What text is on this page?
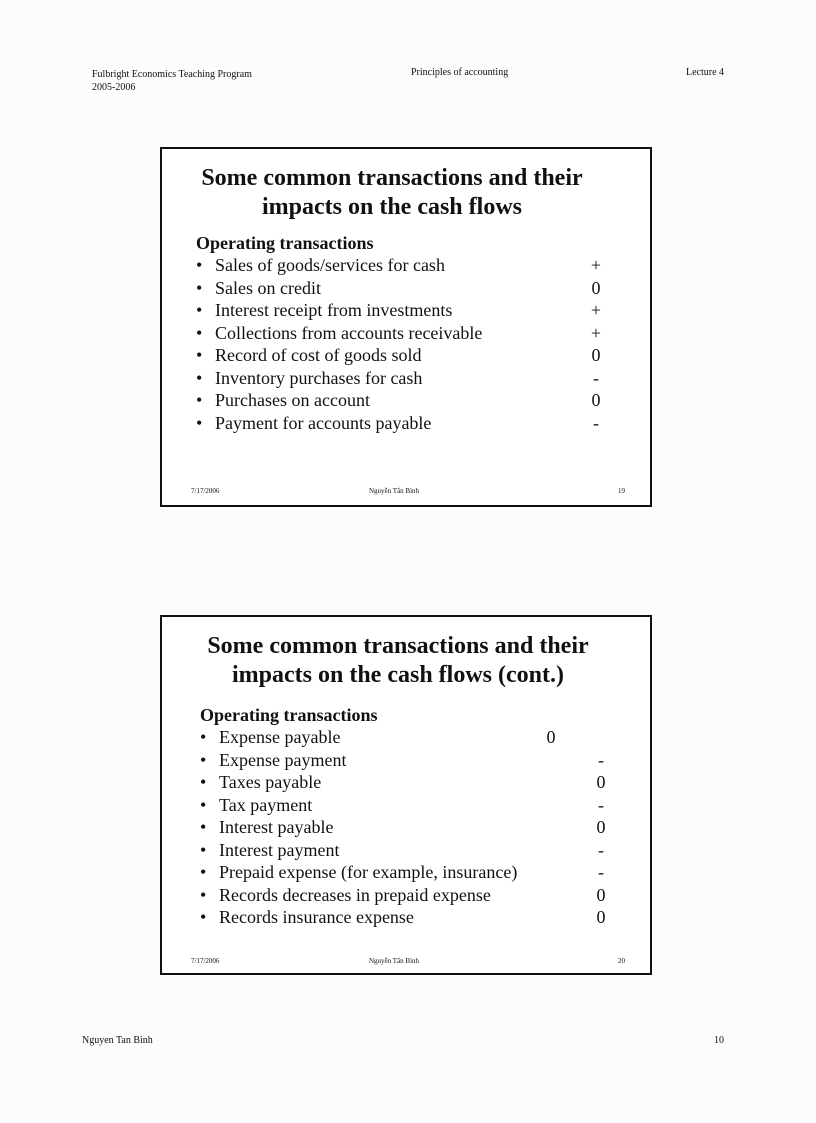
Fulbright Economics Teaching Program
2005-2006
Principles of accounting	Lecture 4
Some common transactions and their
impacts on the cash flows
Operating transactions
• Sales of goods/services for cash	+
• Sales on credit	0
• Interest receipt from investments	+
• Collections from accounts receivable	+
• Record of cost of goods sold	0
• Inventory purchases for cash	-
• Purchases on account	0
• Payment for accounts payable	-
7/17/2006	Nguyễn Tấn Bình	19
Some common transactions and their
impacts on the cash flows (cont.)
Operating transactions
• Expense payable	0
• Expense payment	-
• Taxes payable	0
• Tax payment	-
• Interest payable	0
• Interest payment	-
• Prepaid expense (for example, insurance)	-
• Records decreases in prepaid expense	0
• Records insurance expense	0
7/17/2006	Nguyễn Tấn Bình	20
Nguyen Tan Binh	10
